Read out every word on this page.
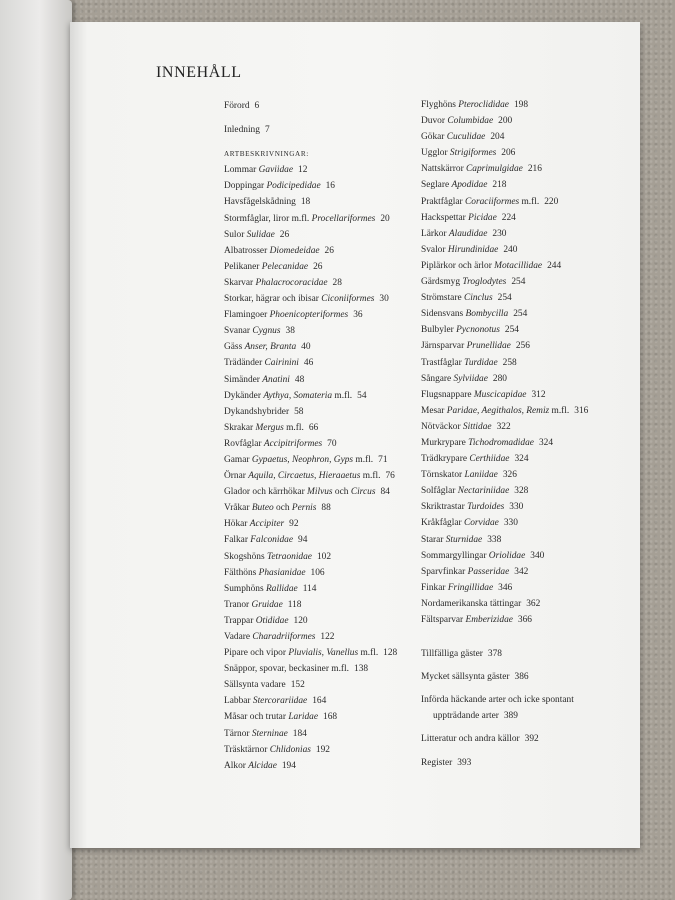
INNEHÅLL
Förord 6
Inledning 7
ARTBESKRIVNINGAR:
Lommar Gaviidae 12
Doppingar Podicipedidae 16
Havsfågelskådning 18
Stormfåglar, liror m.fl. Procellariformes 20
Sulor Sulidae 26
Albatrosser Diomedeidae 26
Pelikaner Pelecanidae 26
Skarvar Phalacrocoracidae 28
Storkar, hägrar och ibisar Ciconiiformes 30
Flamingoer Phoenicopteriformes 36
Svanar Cygnus 38
Gäss Anser, Branta 40
Trädänder Cairinini 46
Simänder Anatini 48
Dykänder Aythya, Somateria m.fl. 54
Dykandshybrider 58
Skrakar Mergus m.fl. 66
Rovfåglar Accipitriformes 70
Gamar Gypaetus, Neophron, Gyps m.fl. 71
Örnar Aquila, Circaetus, Hieraaetus m.fl. 76
Glador och kärrhökar Milvus och Circus 84
Vråkar Buteo och Pernis 88
Hökar Accipiter 92
Falkar Falconidae 94
Skogshöns Tetraonidae 102
Fälthöns Phasianidae 106
Sumphöns Rallidae 114
Tranor Gruidae 118
Trappar Otididae 120
Vadare Charadriiformes 122
Pipare och vipor Pluvialis, Vanellus m.fl. 128
Snäppor, spovar, beckasiner m.fl. 138
Sällsynta vadare 152
Labbar Stercorariidae 164
Måsar och trutar Laridae 168
Tärnor Sterninae 184
Träsktärnor Chlidonias 192
Alkor Alcidae 194
Flyghöns Pteroclididae 198
Duvor Columbidae 200
Gökar Cuculidae 204
Ugglor Strigiformes 206
Nattskärror Caprimulgidae 216
Seglare Apodidae 218
Praktfåglar Coraciiformes m.fl. 220
Hackspettar Picidae 224
Lärkor Alaudidae 230
Svalor Hirundinidae 240
Piplärkor och ärlor Motacillidae 244
Gärdsmyg Troglodytes 254
Strömstare Cinclus 254
Sidensvans Bombycilla 254
Bulbyler Pycnonotus 254
Järnsparvar Prunellidae 256
Trastfåglar Turdidae 258
Sångare Sylviidae 280
Flugsnappare Muscicapidae 312
Mesar Paridae, Aegithalos, Remiz m.fl. 316
Nötväckor Sittidae 322
Murkrypare Tichodromadidae 324
Trädkrypare Certhiidae 324
Törnskator Laniidae 326
Solfåglar Nectariniidae 328
Skriktrastar Turdoides 330
Kråkfåglar Corvidae 330
Starar Sturnidae 338
Sommargyllingar Oriolidae 340
Sparvfinkar Passeridae 342
Finkar Fringillidae 346
Nordamerikanska tättingar 362
Fältsparvar Emberizidae 366
Tillfälliga gäster 378
Mycket sällsynta gäster 386
Införda häckande arter och icke spontant
uppträdande arter 389
Litteratur och andra källor 392
Register 393
